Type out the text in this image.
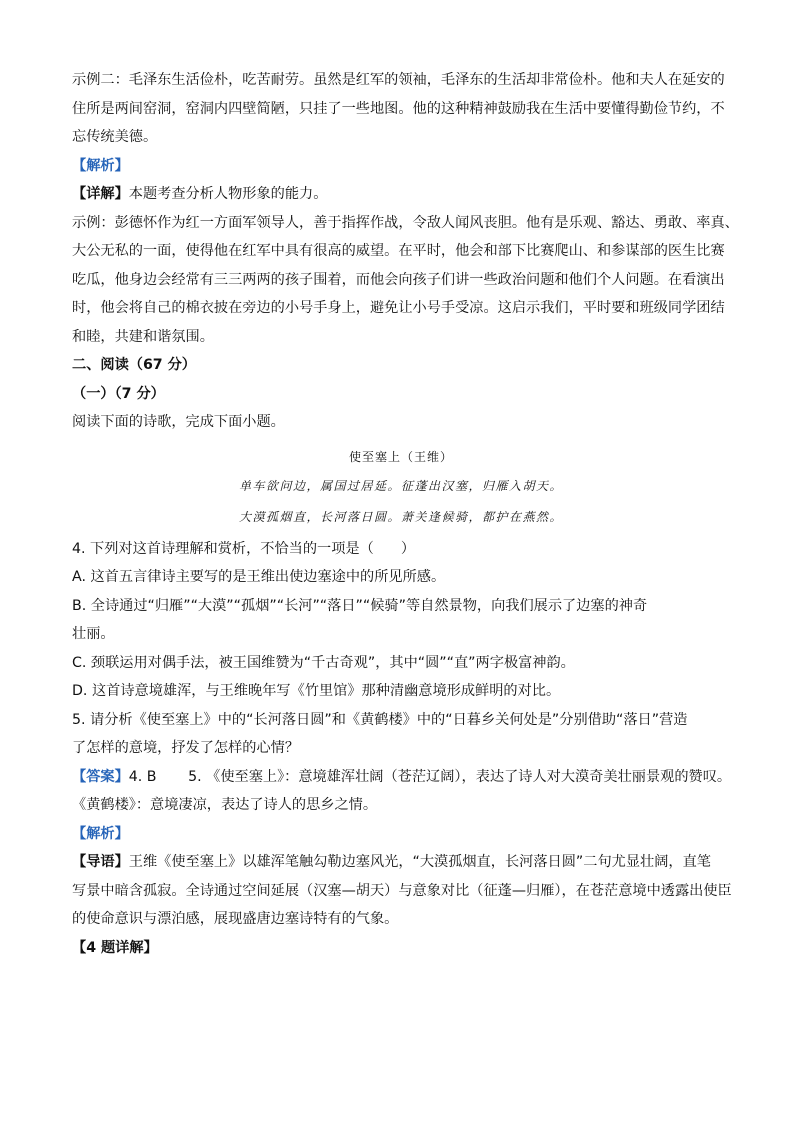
示例二：毛泽东生活俭朴，吃苦耐劳。虽然是红军的领袖，毛泽东的生活却非常俭朴。他和夫人在延安的
住所是两间窑洞，窑洞内四壁简陋，只挂了一些地图。他的这种精神鼓励我在生活中要懂得勤俭节约，不
忘传统美德。
【解析】
【详解】本题考查分析人物形象的能力。
示例：彭德怀作为红一方面军领导人，善于指挥作战，令敌人闻风丧胆。他有是乐观、豁达、勇敢、率真、
大公无私的一面，使得他在红军中具有很高的威望。在平时，他会和部下比赛爬山、和参谋部的医生比赛
吃瓜，他身边会经常有三三两两的孩子围着，而他会向孩子们讲一些政治问题和他们个人问题。在看演出
时，他会将自己的棉衣披在旁边的小号手身上，避免让小号手受凉。这启示我们，平时要和班级同学团结
和睦，共建和谐氛围。
二、阅读（67 分）
（一）（7 分）
阅读下面的诗歌，完成下面小题。
使至塞上（王维）
单车欲问边，属国过居延。征蓬出汉塞，归雁入胡天。
大漠孤烟直，长河落日圆。萧关逢候骑，都护在燕然。
4. 下列对这首诗理解和赏析，不恰当的一项是（      ）
A. 这首五言律诗主要写的是王维出使边塞途中的所见所感。
B. 全诗通过“归雁”“大漠”“孤烟”“长河”“落日”“候骑”等自然景物，向我们展示了边塞的神奇
壮丽。
C. 颈联运用对偶手法，被王国维赞为“千古奇观”，其中“圆”“直”两字极富神韵。
D. 这首诗意境雄浑，与王维晚年写《竹里馆》那种清幽意境形成鲜明的对比。
5. 请分析《使至塞上》中的“长河落日圆”和《黄鹤楼》中的“日暮乡关何处是”分别借助“落日”营造
了怎样的意境，抒发了怎样的心情？
【答案】4. B       5. 《使至塞上》：意境雄浑壮阔（苍茫辽阔），表达了诗人对大漠奇美壮丽景观的赞叹。
《黄鹤楼》：意境凄凉，表达了诗人的思乡之情。
【解析】
【导语】王维《使至塞上》以雄浑笔触勾勒边塞风光，“大漠孤烟直，长河落日圆”二句尤显壮阔，直笔
写景中暗含孤寂。全诗通过空间延展（汉塞—胡天）与意象对比（征蓬—归雁），在苍茫意境中透露出使臣
的使命意识与漂泊感，展现盛唐边塞诗特有的气象。
【4 题详解】
